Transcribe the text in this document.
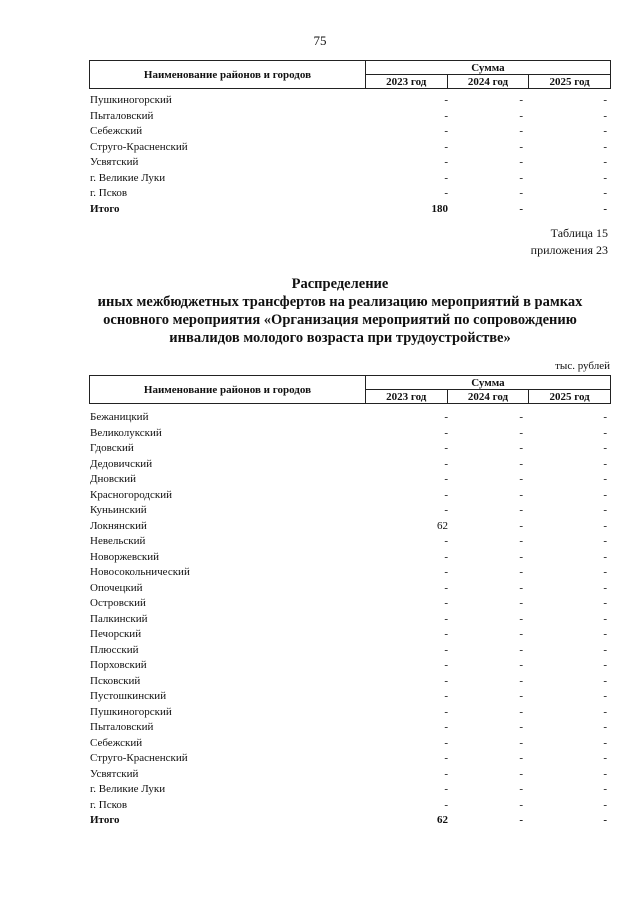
75
Наименование районов и городов	Сумма		
	2023 год	2024 год	2025 год
Пушкиногорский	-	-	-
Пыталовский	-	-	-
Себежский	-	-	-
Струго-Красненский	-	-	-
Усвятский	-	-	-
г. Великие Луки	-	-	-
г. Псков	-	-	-
Итого	180	-	-
Таблица 15
приложения 23
Распределение
иных межбюджетных трансфертов на реализацию мероприятий в рамках
основного мероприятия «Организация мероприятий по сопровождению
инвалидов молодого возраста при трудоустройстве»
тыс. рублей
Наименование районов и городов	Сумма		
	2023 год	2024 год	2025 год
Бежаницкий	-	-	-
Великолукский	-	-	-
Гдовский	-	-	-
Дедовичский	-	-	-
Дновский	-	-	-
Красногородский	-	-	-
Куньинский	-	-	-
Локнянский	62	-	-
Невельский	-	-	-
Новоржевский	-	-	-
Новосокольнический	-	-	-
Опочецкий	-	-	-
Островский	-	-	-
Палкинский	-	-	-
Печорский	-	-	-
Плюсский	-	-	-
Порховский	-	-	-
Псковский	-	-	-
Пустошкинский	-	-	-
Пушкиногорский	-	-	-
Пыталовский	-	-	-
Себежский	-	-	-
Струго-Красненский	-	-	-
Усвятский	-	-	-
г. Великие Луки	-	-	-
г. Псков	-	-	-
Итого	62	-	-
